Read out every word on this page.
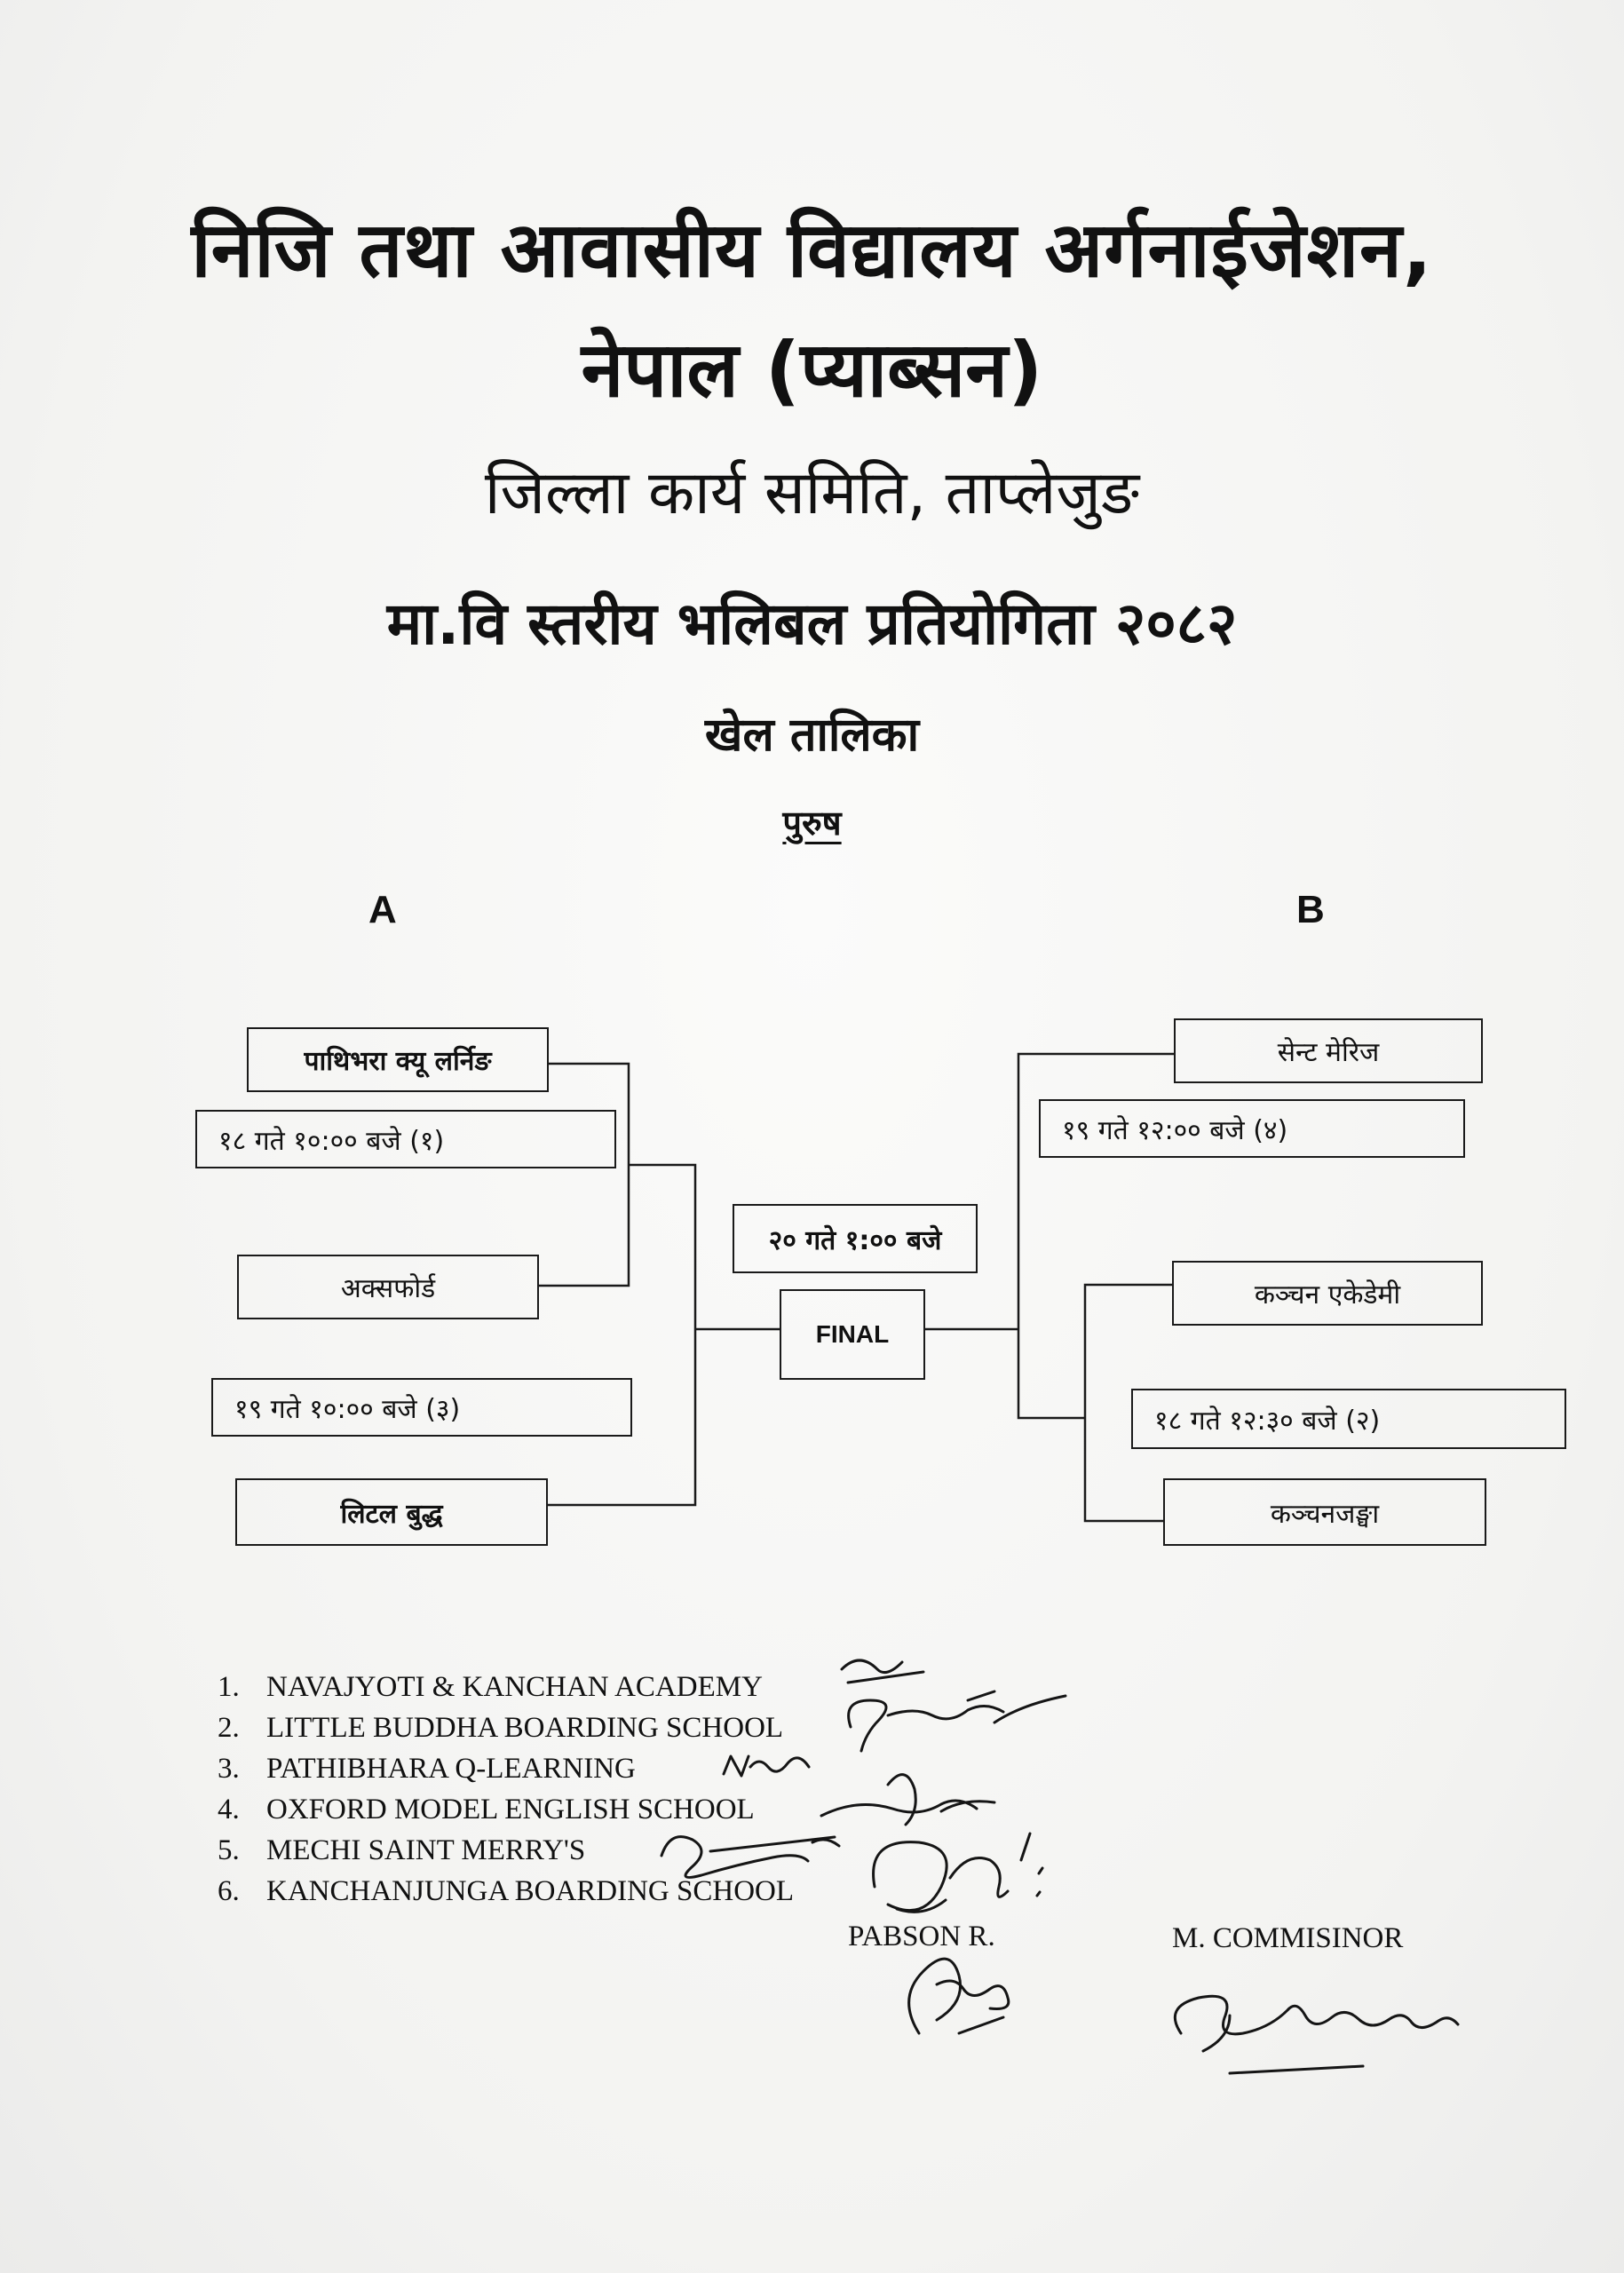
निजि तथा आवासीय विद्यालय अर्गनाईजेशन,
नेपाल (प्याब्सन)
जिल्ला कार्य समिति, ताप्लेजुङ
मा.वि स्तरीय भलिबल प्रतियोगिता २०८२
खेल तालिका
पुरुष
A	B
पाथिभरा क्यू लर्निङ
१८ गते १०:०० बजे (१)
अक्सफोर्ड
१९ गते १०:०० बजे (३)
लिटल बुद्ध
२० गते १:०० बजे
FINAL
सेन्ट मेरिज
१९ गते १२:०० बजे (४)
कञ्चन एकेडेमी
१८ गते १२:३० बजे (२)
कञ्चनजङ्घा
1. NAVAJYOTI & KANCHAN ACADEMY
2. LITTLE BUDDHA BOARDING SCHOOL
3. PATHIBHARA Q-LEARNING
4. OXFORD MODEL ENGLISH SCHOOL
5. MECHI SAINT MERRY'S
6. KANCHANJUNGA BOARDING SCHOOL
PABSON R.	M. COMMISINOR
